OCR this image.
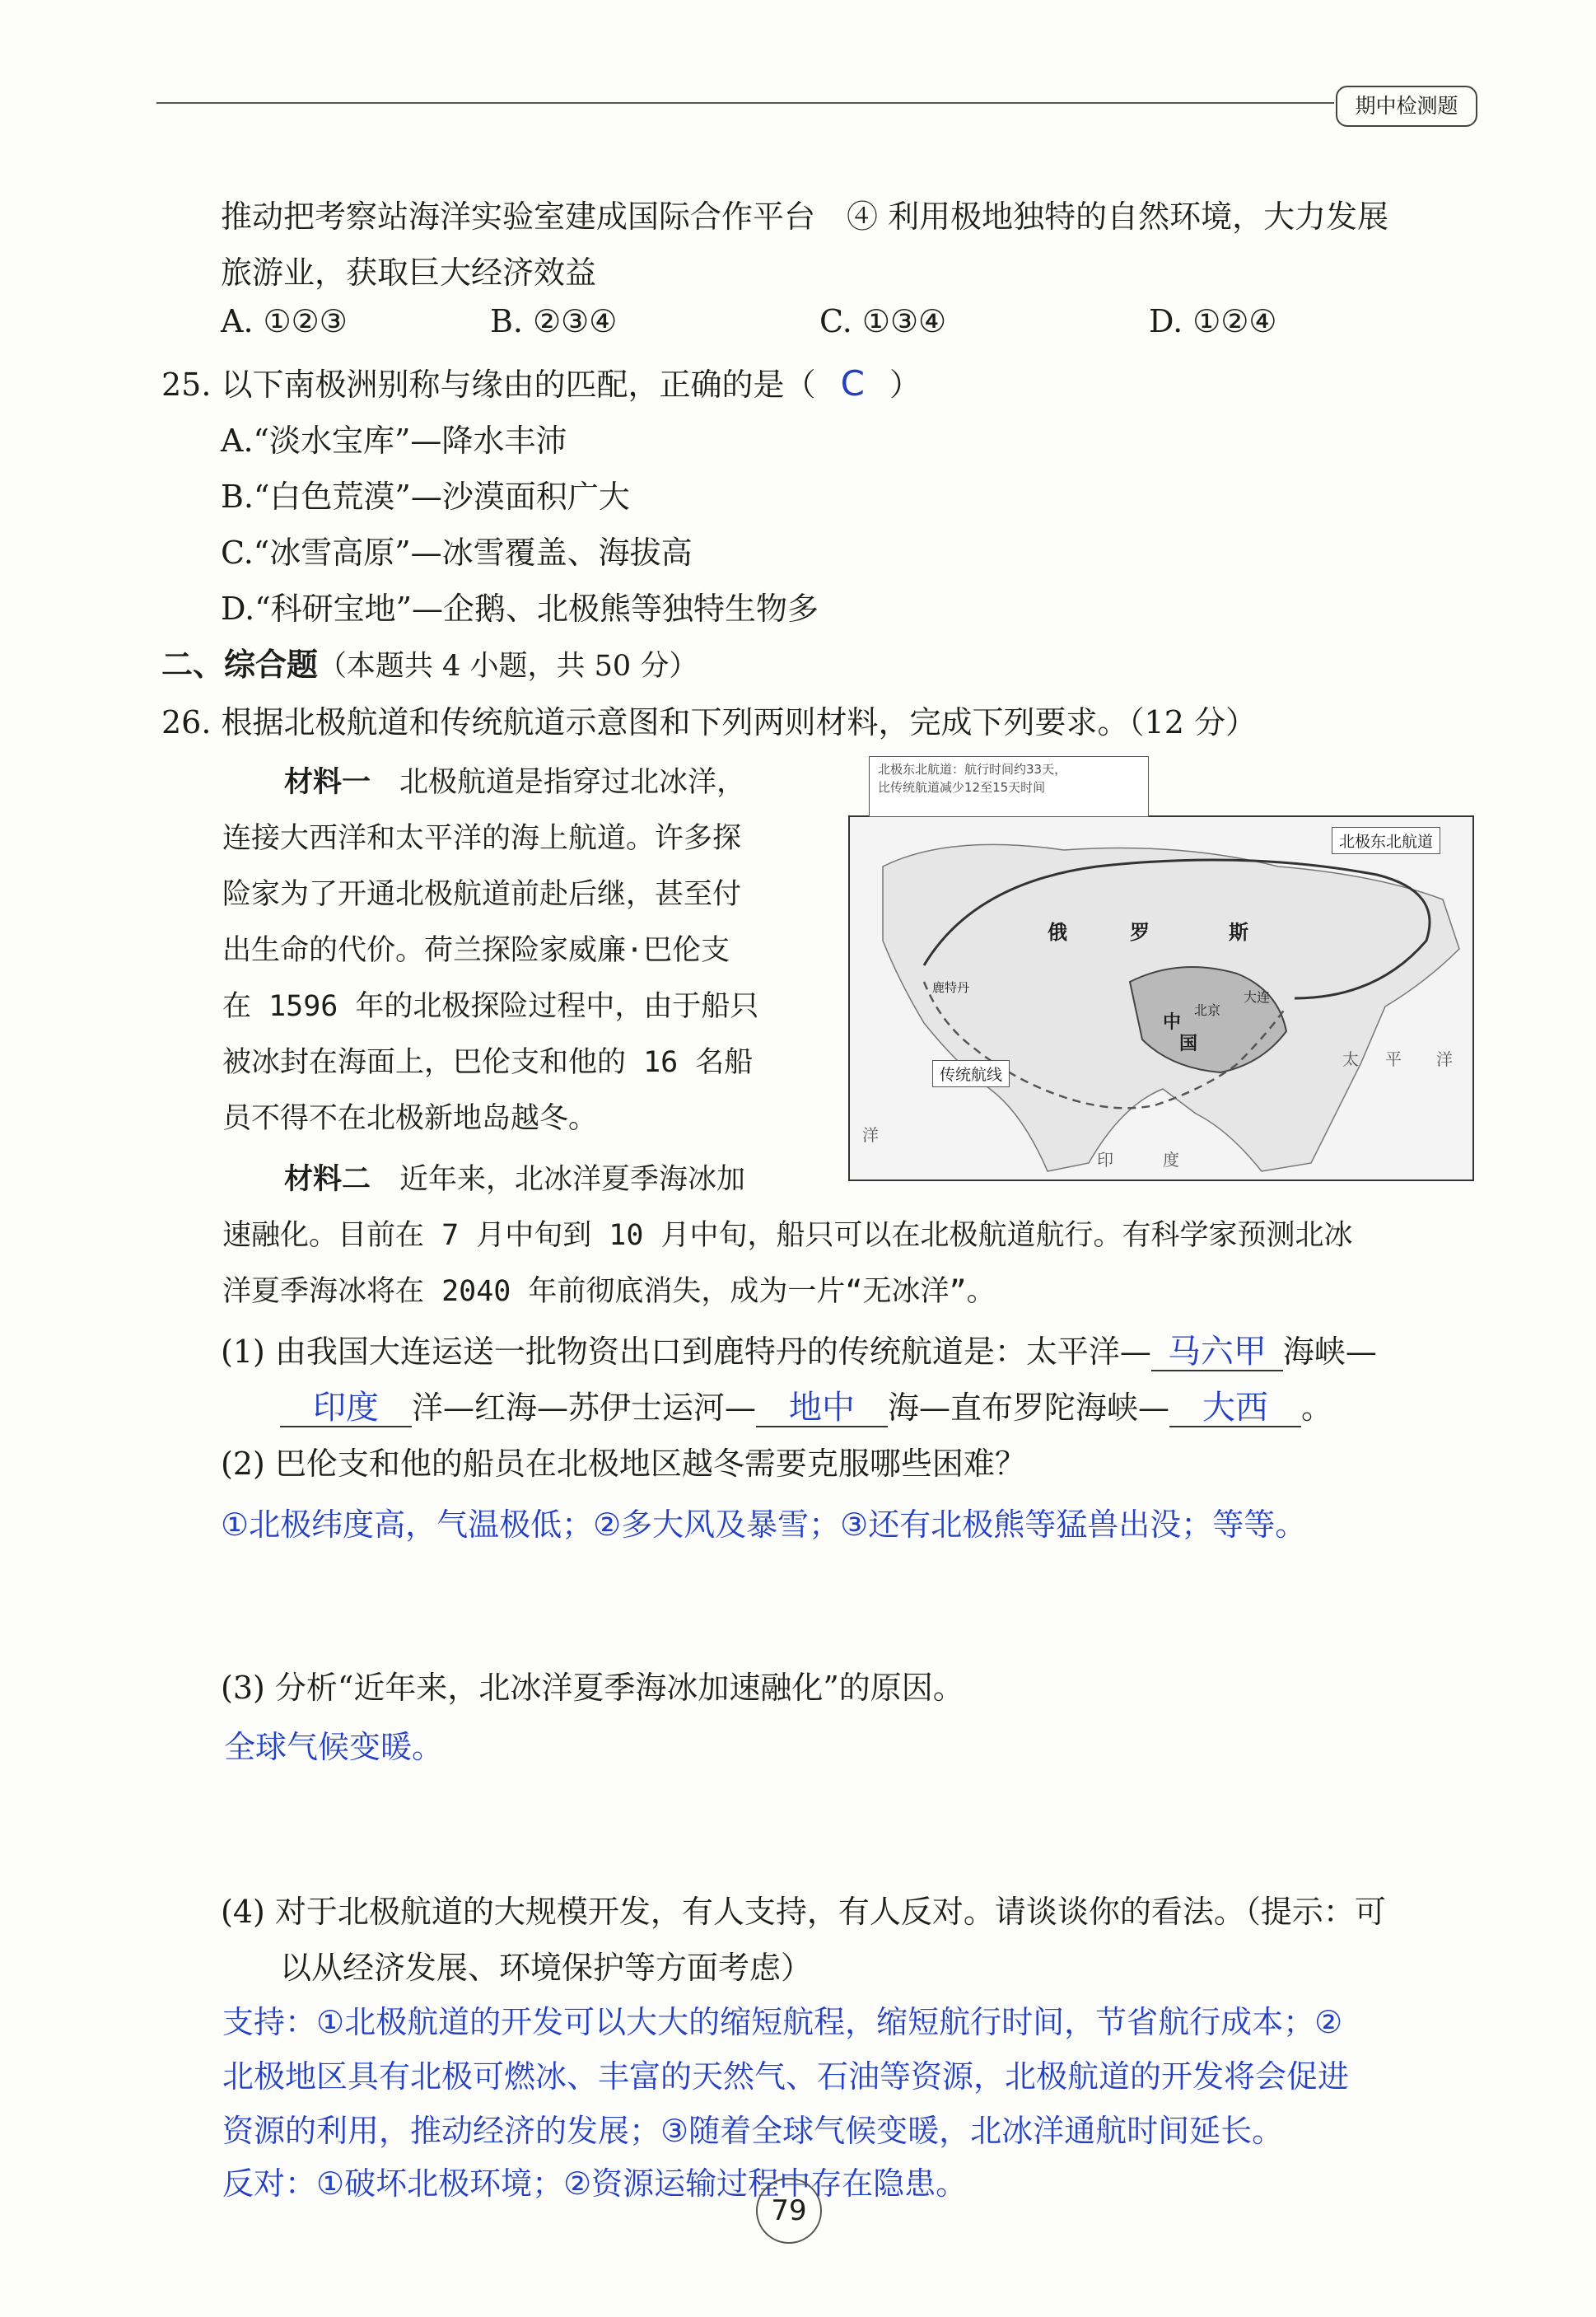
期中检测题
推动把考察站海洋实验室建成国际合作平台　④ 利用极地独特的自然环境，大力发展
旅游业，获取巨大经济效益
A. ①②③	B. ②③④	C. ①③④	D. ①②④
25. 以下南极洲别称与缘由的匹配，正确的是（ C ）
A.“淡水宝库”—降水丰沛
B.“白色荒漠”—沙漠面积广大
C.“冰雪高原”—冰雪覆盖、海拔高
D.“科研宝地”—企鹅、北极熊等独特生物多
二、综合题（本题共 4 小题，共 50 分）
26. 根据北极航道和传统航道示意图和下列两则材料，完成下列要求。（12 分）
材料一　 北极航道是指穿过北冰洋，
连接大西洋和太平洋的海上航道。许多探
险家为了开通北极航道前赴后继，甚至付
出生命的代价。荷兰探险家威廉·巴伦支
在 1596 年的北极探险过程中，由于船只
被冰封在海面上，巴伦支和他的 16 名船
员不得不在北极新地岛越冬。
材料二　 近年来，北冰洋夏季海冰加
速融化。目前在 7 月中旬到 10 月中旬，船只可以在北极航道航行。有科学家预测北冰
洋夏季海冰将在 2040 年前彻底消失，成为一片“无冰洋”。
北极东北航道
传统航线
俄	罗	斯
中
国
北京
大连
鹿特丹
太 平 洋
印	度
洋
北极东北航道：航行时间约33天，
比传统航道减少12至15天时间
(1) 由我国大连运送一批物资出口到鹿特丹的传统航道是：太平洋— 马六甲 海峡—
印度 洋—红海—苏伊士运河— 地中 海—直布罗陀海峡— 大西 。
(2) 巴伦支和他的船员在北极地区越冬需要克服哪些困难？
①北极纬度高，气温极低；②多大风及暴雪；③还有北极熊等猛兽出没；等等。
(3) 分析“近年来，北冰洋夏季海冰加速融化”的原因。
全球气候变暖。
(4) 对于北极航道的大规模开发，有人支持，有人反对。请谈谈你的看法。（提示：可
以从经济发展、环境保护等方面考虑）
支持：①北极航道的开发可以大大的缩短航程，缩短航行时间，节省航行成本；②
北极地区具有北极可燃冰、丰富的天然气、石油等资源，北极航道的开发将会促进
资源的利用，推动经济的发展；③随着全球气候变暖，北冰洋通航时间延长。
反对：①破坏北极环境；②资源运输过程中存在隐患。
79
